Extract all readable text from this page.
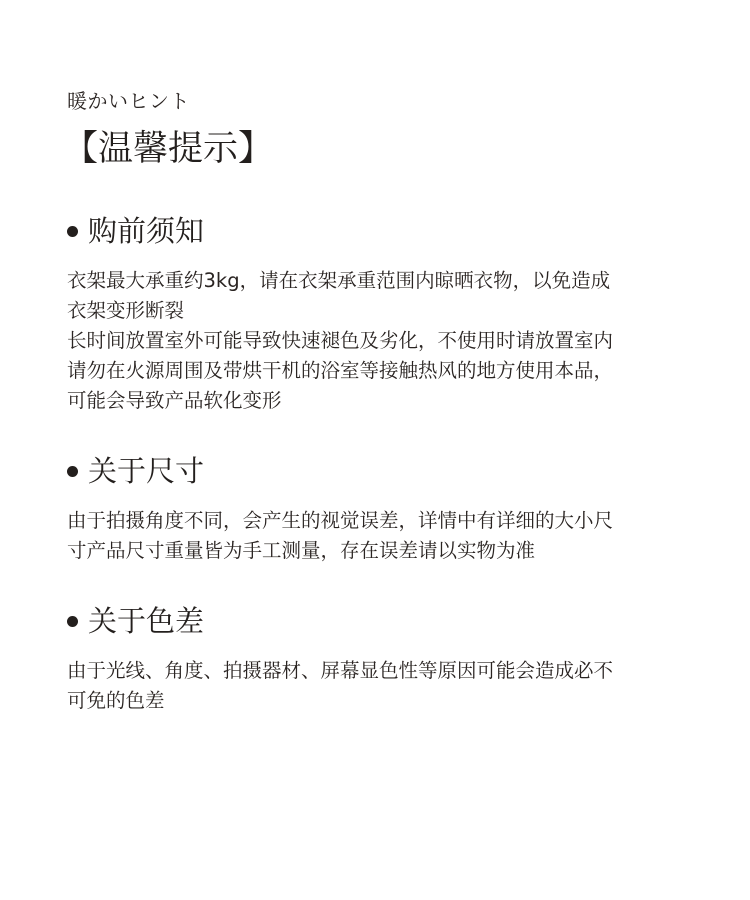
暖かいヒント
【温馨提示】
购前须知
衣架最大承重约3kg，请在衣架承重范围内晾晒衣物，以免造成
衣架变形断裂
长时间放置室外可能导致快速褪色及劣化，不使用时请放置室内
请勿在火源周围及带烘干机的浴室等接触热风的地方使用本品，
可能会导致产品软化变形
关于尺寸
由于拍摄角度不同，会产生的视觉误差，详情中有详细的大小尺
寸产品尺寸重量皆为手工测量，存在误差请以实物为准
关于色差
由于光线、角度、拍摄器材、屏幕显色性等原因可能会造成必不
可免的色差
